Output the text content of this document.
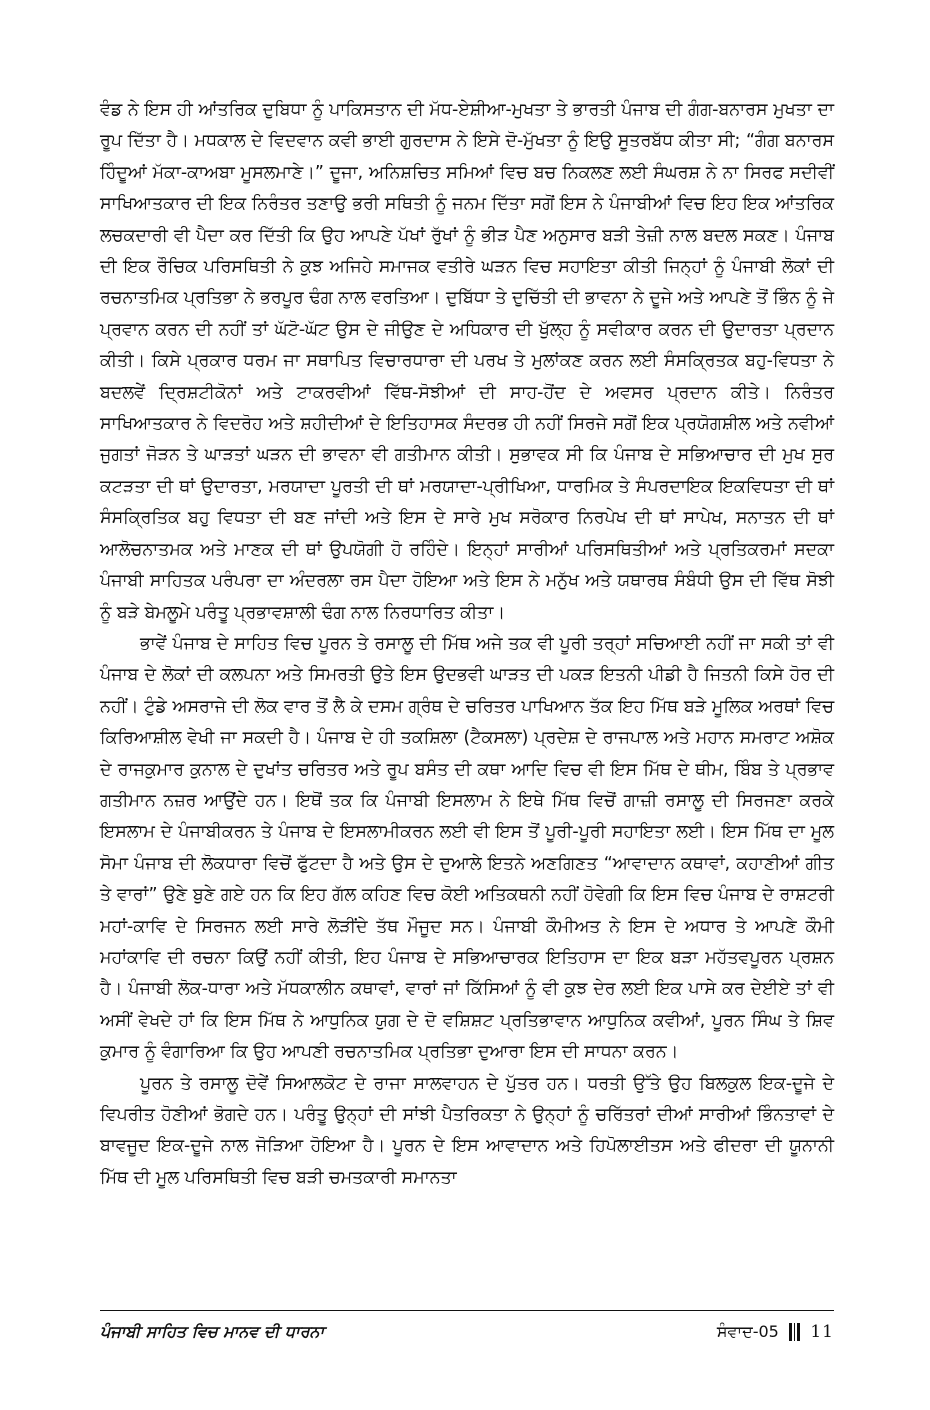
ਵੰਡ ਨੇ ਇਸ ਹੀ ਆਂਤਰਿਕ ਦੁਬਿਧਾ ਨੂੰ ਪਾਕਿਸਤਾਨ ਦੀ ਮੱਧ-ਏਸ਼ੀਆ-ਮੁਖਤਾ ਤੇ ਭਾਰਤੀ ਪੰਜਾਬ ਦੀ ਗੰਗ-ਬਨਾਰਸ ਮੁਖਤਾ ਦਾ ਰੂਪ ਦਿੱਤਾ ਹੈ। ਮਧਕਾਲ ਦੇ ਵਿਦਵਾਨ ਕਵੀ ਭਾਈ ਗੁਰਦਾਸ ਨੇ ਇਸੇ ਦੋ-ਮੁੱਖਤਾ ਨੂੰ ਇਉ ਸੂਤਰਬੱਧ ਕੀਤਾ ਸੀ; “ਗੰਗ ਬਨਾਰਸ ਹਿੰਦੂਆਂ ਮੱਕਾ-ਕਾਅਬਾ ਮੂਸਲਮਾਣੇ।” ਦੂਜਾ, ਅਨਿਸ਼ਚਿਤ ਸਮਿਆਂ ਵਿਚ ਬਚ ਨਿਕਲਣ ਲਈ ਸੰਘਰਸ਼ ਨੇ ਨਾ ਸਿਰਫ ਸਦੀਵੀਂ ਸਾਖਿਆਤਕਾਰ ਦੀ ਇਕ ਨਿਰੰਤਰ ਤਣਾਉ ਭਰੀ ਸਥਿਤੀ ਨੂੰ ਜਨਮ ਦਿੱਤਾ ਸਗੋਂ ਇਸ ਨੇ ਪੰਜਾਬੀਆਂ ਵਿਚ ਇਹ ਇਕ ਆਂਤਰਿਕ ਲਚਕਦਾਰੀ ਵੀ ਪੈਦਾ ਕਰ ਦਿੱਤੀ ਕਿ ਉਹ ਆਪਣੇ ਪੱਖਾਂ ਰੁੱਖਾਂ ਨੂੰ ਭੀੜ ਪੈਣ ਅਨੁਸਾਰ ਬੜੀ ਤੇਜ਼ੀ ਨਾਲ ਬਦਲ ਸਕਣ। ਪੰਜਾਬ ਦੀ ਇਕ ਰੌਚਿਕ ਪਰਿਸਥਿਤੀ ਨੇ ਕੁਝ ਅਜਿਹੇ ਸਮਾਜਕ ਵਤੀਰੇ ਘੜਨ ਵਿਚ ਸਹਾਇਤਾ ਕੀਤੀ ਜਿਨ੍ਹਾਂ ਨੂੰ ਪੰਜਾਬੀ ਲੋਕਾਂ ਦੀ ਰਚਨਾਤਮਿਕ ਪ੍ਰਤਿਭਾ ਨੇ ਭਰਪੂਰ ਢੰਗ ਨਾਲ ਵਰਤਿਆ। ਦੁਬਿੱਧਾ ਤੇ ਦੁਚਿੱਤੀ ਦੀ ਭਾਵਨਾ ਨੇ ਦੂਜੇ ਅਤੇ ਆਪਣੇ ਤੋਂ ਭਿੰਨ ਨੂੰ ਜੇ ਪ੍ਰਵਾਨ ਕਰਨ ਦੀ ਨਹੀਂ ਤਾਂ ਘੱਟੋ-ਘੱਟ ਉਸ ਦੇ ਜੀਉਣ ਦੇ ਅਧਿਕਾਰ ਦੀ ਖੁੱਲ੍ਹ ਨੂੰ ਸਵੀਕਾਰ ਕਰਨ ਦੀ ਉਦਾਰਤਾ ਪ੍ਰਦਾਨ ਕੀਤੀ। ਕਿਸੇ ਪ੍ਰਕਾਰ ਧਰਮ ਜਾ ਸਥਾਪਿਤ ਵਿਚਾਰਧਾਰਾ ਦੀ ਪਰਖ ਤੇ ਮੁਲਾਂਕਣ ਕਰਨ ਲਈ ਸੰਸਕ੍ਰਿਤਕ ਬਹੁ-ਵਿਧਤਾ ਨੇ ਬਦਲਵੇਂ ਦ੍ਰਿਸ਼ਟੀਕੋਨਾਂ ਅਤੇ ਟਾਕਰਵੀਆਂ ਵਿੱਥ-ਸੋਝੀਆਂ ਦੀ ਸਾਹ-ਹੋਂਦ ਦੇ ਅਵਸਰ ਪ੍ਰਦਾਨ ਕੀਤੇ। ਨਿਰੰਤਰ ਸਾਖਿਆਤਕਾਰ ਨੇ ਵਿਦਰੋਹ ਅਤੇ ਸ਼ਹੀਦੀਆਂ ਦੇ ਇਤਿਹਾਸਕ ਸੰਦਰਭ ਹੀ ਨਹੀਂ ਸਿਰਜੇ ਸਗੋਂ ਇਕ ਪ੍ਰਯੋਗਸ਼ੀਲ ਅਤੇ ਨਵੀਆਂ ਜੁਗਤਾਂ ਜੋੜਨ ਤੇ ਘਾੜਤਾਂ ਘੜਨ ਦੀ ਭਾਵਨਾ ਵੀ ਗਤੀਮਾਨ ਕੀਤੀ। ਸੁਭਾਵਕ ਸੀ ਕਿ ਪੰਜਾਬ ਦੇ ਸਭਿਆਚਾਰ ਦੀ ਮੁਖ ਸੁਰ ਕਟੜਤਾ ਦੀ ਥਾਂ ਉਦਾਰਤਾ, ਮਰਯਾਦਾ ਪੂਰਤੀ ਦੀ ਥਾਂ ਮਰਯਾਦਾ-ਪ੍ਰੀਖਿਆ, ਧਾਰਮਿਕ ਤੇ ਸੰਪਰਦਾਇਕ ਇਕਵਿਧਤਾ ਦੀ ਥਾਂ ਸੰਸਕ੍ਰਿਤਿਕ ਬਹੁ ਵਿਧਤਾ ਦੀ ਬਣ ਜਾਂਦੀ ਅਤੇ ਇਸ ਦੇ ਸਾਰੇ ਮੁਖ ਸਰੋਕਾਰ ਨਿਰਪੇਖ ਦੀ ਥਾਂ ਸਾਪੇਖ, ਸਨਾਤਨ ਦੀ ਥਾਂ ਆਲੋਚਨਾਤਮਕ ਅਤੇ ਮਾਣਕ ਦੀ ਥਾਂ ਉਪਯੋਗੀ ਹੋ ਰਹਿੰਦੇ। ਇਨ੍ਹਾਂ ਸਾਰੀਆਂ ਪਰਿਸਥਿਤੀਆਂ ਅਤੇ ਪ੍ਰਤਿਕਰਮਾਂ ਸਦਕਾ ਪੰਜਾਬੀ ਸਾਹਿਤਕ ਪਰੰਪਰਾ ਦਾ ਅੰਦਰਲਾ ਰਸ ਪੈਦਾ ਹੋਇਆ ਅਤੇ ਇਸ ਨੇ ਮਨੁੱਖ ਅਤੇ ਯਥਾਰਥ ਸੰਬੰਧੀ ਉਸ ਦੀ ਵਿੱਥ ਸੋਝੀ ਨੂੰ ਬੜੇ ਬੇਮਲੂਮੇ ਪਰੰਤੂ ਪ੍ਰਭਾਵਸ਼ਾਲੀ ਢੰਗ ਨਾਲ ਨਿਰਧਾਰਿਤ ਕੀਤਾ।

ਭਾਵੇਂ ਪੰਜਾਬ ਦੇ ਸਾਹਿਤ ਵਿਚ ਪੂਰਨ ਤੇ ਰਸਾਲੂ ਦੀ ਮਿੱਥ ਅਜੇ ਤਕ ਵੀ ਪੂਰੀ ਤਰ੍ਹਾਂ ਸਚਿਆਈ ਨਹੀਂ ਜਾ ਸਕੀ ਤਾਂ ਵੀ ਪੰਜਾਬ ਦੇ ਲੋਕਾਂ ਦੀ ਕਲਪਨਾ ਅਤੇ ਸਿਮਰਤੀ ਉਤੇ ਇਸ ਉਦਭਵੀ ਘਾੜਤ ਦੀ ਪਕੜ ਇਤਨੀ ਪੀਡੀ ਹੈ ਜਿਤਨੀ ਕਿਸੇ ਹੋਰ ਦੀ ਨਹੀਂ। ਟੁੰਡੇ ਅਸਰਾਜੇ ਦੀ ਲੋਕ ਵਾਰ ਤੋਂ ਲੈ ਕੇ ਦਸਮ ਗ੍ਰੰਥ ਦੇ ਚਰਿਤਰ ਪਾਖਿਆਨ ਤੱਕ ਇਹ ਮਿੱਥ ਬੜੇ ਮੂਲਿਕ ਅਰਥਾਂ ਵਿਚ ਕਿਰਿਆਸ਼ੀਲ ਵੇਖੀ ਜਾ ਸਕਦੀ ਹੈ। ਪੰਜਾਬ ਦੇ ਹੀ ਤਕਸ਼ਿਲਾ (ਟੈਕਸਲਾ) ਪ੍ਰਦੇਸ਼ ਦੇ ਰਾਜਪਾਲ ਅਤੇ ਮਹਾਨ ਸਮਰਾਟ ਅਸ਼ੋਕ ਦੇ ਰਾਜਕੁਮਾਰ ਕੁਨਾਲ ਦੇ ਦੁਖਾਂਤ ਚਰਿਤਰ ਅਤੇ ਰੂਪ ਬਸੰਤ ਦੀ ਕਥਾ ਆਦਿ ਵਿਚ ਵੀ ਇਸ ਮਿੱਥ ਦੇ ਥੀਮ, ਬਿੰਬ ਤੇ ਪ੍ਰਭਾਵ ਗਤੀਮਾਨ ਨਜ਼ਰ ਆਉਂਦੇ ਹਨ। ਇਥੋਂ ਤਕ ਕਿ ਪੰਜਾਬੀ ਇਸਲਾਮ ਨੇ ਇਥੇ ਮਿੱਥ ਵਿਚੋਂ ਗਾਜ਼ੀ ਰਸਾਲੂ ਦੀ ਸਿਰਜਣਾ ਕਰਕੇ ਇਸਲਾਮ ਦੇ ਪੰਜਾਬੀਕਰਨ ਤੇ ਪੰਜਾਬ ਦੇ ਇਸਲਾਮੀਕਰਨ ਲਈ ਵੀ ਇਸ ਤੋਂ ਪੂਰੀ-ਪੂਰੀ ਸਹਾਇਤਾ ਲਈ। ਇਸ ਮਿੱਥ ਦਾ ਮੂਲ ਸੋਮਾ ਪੰਜਾਬ ਦੀ ਲੋਕਧਾਰਾ ਵਿਚੋਂ ਫੁੱਟਦਾ ਹੈ ਅਤੇ ਉਸ ਦੇ ਦੁਆਲੇ ਇਤਨੇ ਅਣਗਿਣਤ “ਆਵਾਦਾਨ ਕਥਾਵਾਂ, ਕਹਾਣੀਆਂ ਗੀਤ ਤੇ ਵਾਰਾਂ” ਉਣੇ ਬੁਣੇ ਗਏ ਹਨ ਕਿ ਇਹ ਗੱਲ ਕਹਿਣ ਵਿਚ ਕੋਈ ਅਤਿਕਥਨੀ ਨਹੀਂ ਹੋਵੇਗੀ ਕਿ ਇਸ ਵਿਚ ਪੰਜਾਬ ਦੇ ਰਾਸ਼ਟਰੀ ਮਹਾਂ-ਕਾਵਿ ਦੇ ਸਿਰਜਨ ਲਈ ਸਾਰੇ ਲੋੜੀਂਦੇ ਤੱਥ ਮੌਜੂਦ ਸਨ। ਪੰਜਾਬੀ ਕੌਮੀਅਤ ਨੇ ਇਸ ਦੇ ਅਧਾਰ ਤੇ ਆਪਣੇ ਕੌਮੀ ਮਹਾਂਕਾਵਿ ਦੀ ਰਚਨਾ ਕਿਉਂ ਨਹੀਂ ਕੀਤੀ, ਇਹ ਪੰਜਾਬ ਦੇ ਸਭਿਆਚਾਰਕ ਇਤਿਹਾਸ ਦਾ ਇਕ ਬੜਾ ਮਹੱਤਵਪੂਰਨ ਪ੍ਰਸ਼ਨ ਹੈ। ਪੰਜਾਬੀ ਲੋਕ-ਧਾਰਾ ਅਤੇ ਮੱਧਕਾਲੀਨ ਕਥਾਵਾਂ, ਵਾਰਾਂ ਜਾਂ ਕਿੱਸਿਆਂ ਨੂੰ ਵੀ ਕੁਝ ਦੇਰ ਲਈ ਇਕ ਪਾਸੇ ਕਰ ਦੇਈਏ ਤਾਂ ਵੀ ਅਸੀਂ ਵੇਖਦੇ ਹਾਂ ਕਿ ਇਸ ਮਿੱਥ ਨੇ ਆਧੁਨਿਕ ਯੁਗ ਦੇ ਦੋ ਵਸ਼ਿਸ਼ਟ ਪ੍ਰਤਿਭਾਵਾਨ ਆਧੁਨਿਕ ਕਵੀਆਂ, ਪੂਰਨ ਸਿੰਘ ਤੇ ਸ਼ਿਵ ਕੁਮਾਰ ਨੂੰ ਵੰਗਾਰਿਆ ਕਿ ਉਹ ਆਪਣੀ ਰਚਨਾਤਮਿਕ ਪ੍ਰਤਿਭਾ ਦੁਆਰਾ ਇਸ ਦੀ ਸਾਧਨਾ ਕਰਨ।

ਪੂਰਨ ਤੇ ਰਸਾਲੂ ਦੋਵੇਂ ਸਿਆਲਕੋਟ ਦੇ ਰਾਜਾ ਸਾਲਵਾਹਨ ਦੇ ਪੁੱਤਰ ਹਨ। ਧਰਤੀ ਉੱਤੇ ਉਹ ਬਿਲਕੁਲ ਇਕ-ਦੂਜੇ ਦੇ ਵਿਪਰੀਤ ਹੋਣੀਆਂ ਭੋਗਦੇ ਹਨ। ਪਰੰਤੂ ਉਨ੍ਹਾਂ ਦੀ ਸਾਂਝੀ ਪੈਤਰਿਕਤਾ ਨੇ ਉਨ੍ਹਾਂ ਨੂੰ ਚਰਿੱਤਰਾਂ ਦੀਆਂ ਸਾਰੀਆਂ ਭਿੰਨਤਾਵਾਂ ਦੇ ਬਾਵਜੂਦ ਇਕ-ਦੂਜੇ ਨਾਲ ਜੋੜਿਆ ਹੋਇਆ ਹੈ। ਪੂਰਨ ਦੇ ਇਸ ਆਵਾਦਾਨ ਅਤੇ ਹਿਪੋਲਾਈਤਸ ਅਤੇ ਫੀਦਰਾ ਦੀ ਯੂਨਾਨੀ ਮਿੱਥ ਦੀ ਮੂਲ ਪਰਿਸਥਿਤੀ ਵਿਚ ਬੜੀ ਚਮਤਕਾਰੀ ਸਮਾਨਤਾ

ਪੰਜਾਬੀ ਸਾਹਿਤ ਵਿਚ ਮਾਨਵ ਦੀ ਧਾਰਨਾ	ਸੰਵਾਦ-05 11
